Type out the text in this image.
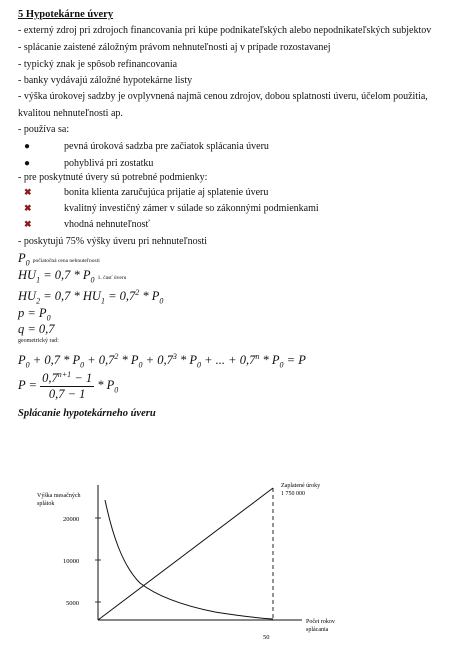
5 Hypotekárne úvery
- externý zdroj pri zdrojoch financovania pri kúpe podnikateľských alebo nepodnikateľských subjektov
- splácanie zaistené záložným právom nehnuteľnosti aj v prípade rozostavanej
- typický znak je spôsob refinancovania
- banky vydávajú záložné hypotekárne listy
- výška úrokovej sadzby je ovplyvnená najmä cenou zdrojov, dobou splatnosti úveru, účelom použitia, kvalitou nehnuteľnosti ap.
- používa sa:
●	pevná úroková sadzba pre začiatok splácania úveru
●	pohyblivá pri zostatku
- pre poskytnuté úvery sú potrebné podmienky:
✖	bonita klienta zaručujúca prijatie aj splatenie úveru
✖	kvalitný investičný zámer v súlade so zákonnými podmienkami
✖	vhodná nehnuteľnosť
- poskytujú 75% výšky úveru pri nehnuteľnosti
$P_0$ počiatočná cena nehnuteľnosti
$HU_1 = 0,7 * P_0$ 1. časť úveru
$HU_2 = 0,7 * HU_1 = 0,7^2 * P_0$
$p = P_0$
q = 0,7
geometrický rad:
$P_0 + 0,7 * P_0 + 0,7^2 * P_0 + 0,7^3 * P_0$ + ... + $0,7^n * P_0 = P$
$P = \frac{0,7^{n+1} - 1}{0,7 - 1} * P_0$
Splácanie hypotekárneho úveru
Výška mesačných
splátok
20000
10000
5000
Zaplatené úroky
1 750 000
Počet rokov
splácania
50
